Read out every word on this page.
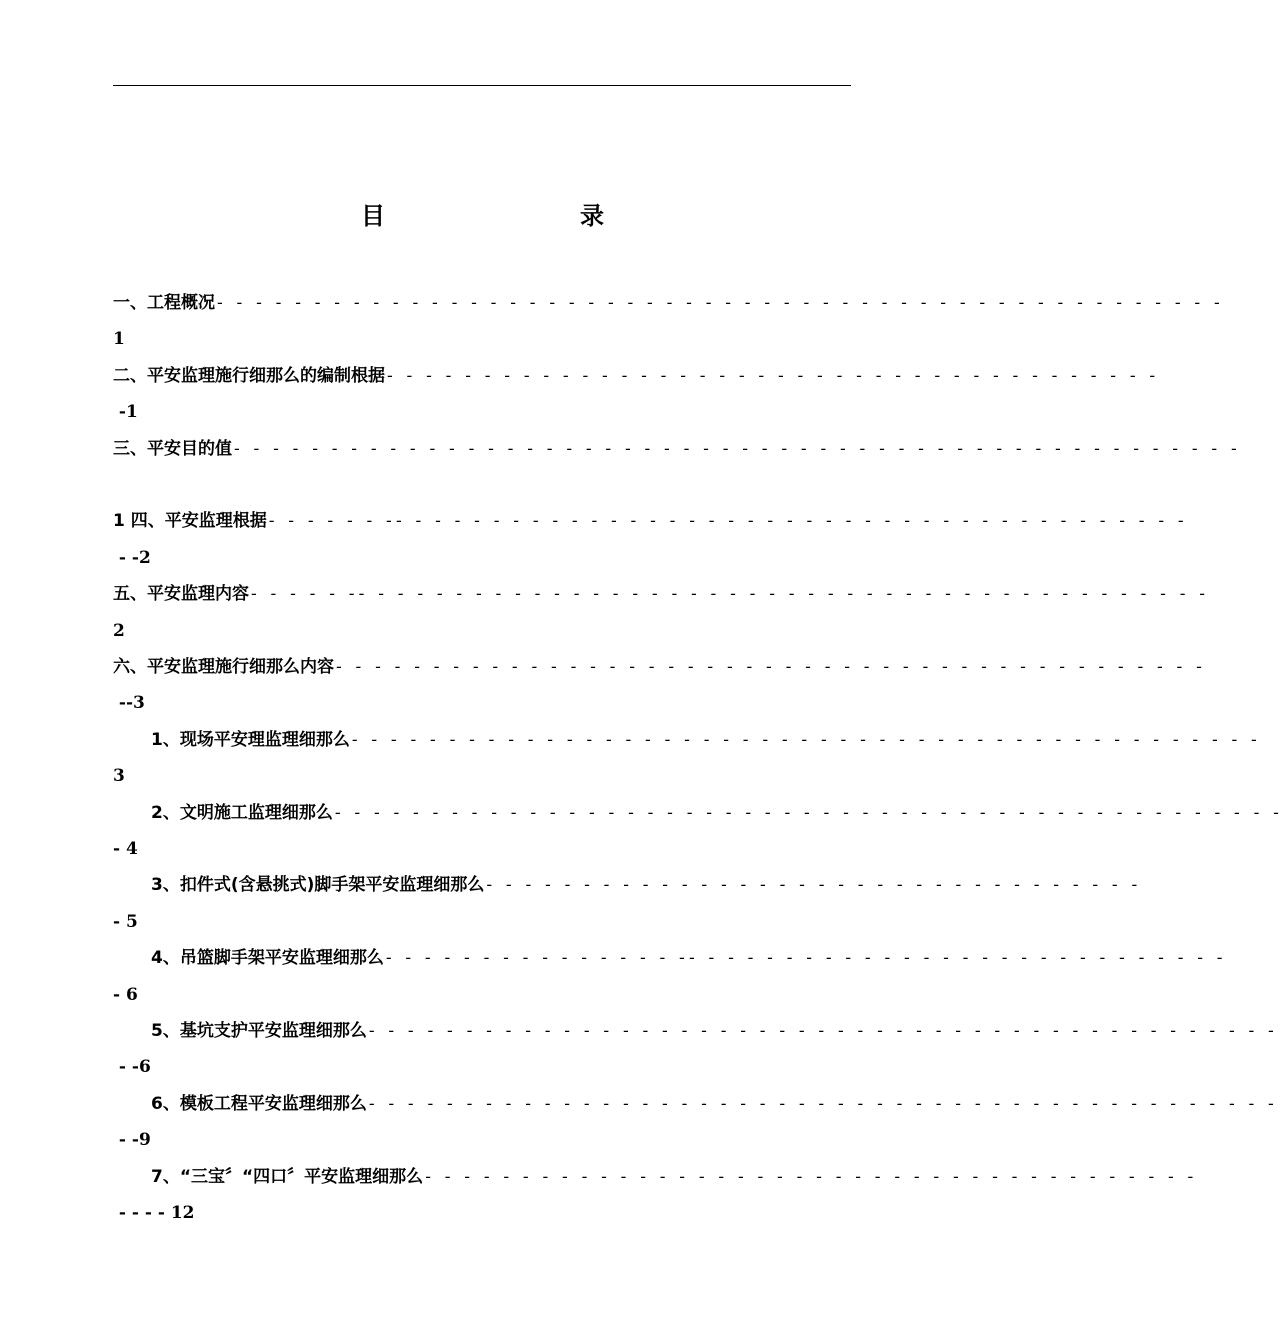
目	录
一、工程概况 - - - - - - - - - - - - - - - - - - - - - - - - - - - - - - - - - - - - - - - - - - - - - - - - - - - -
1
二、平安监理施行细那么的编制根据 - - - - - - - - - - - - - - - - - - - - - - - - - - - - - - - - - - - - - - - -
-1
三、平安目的值 - - - - - - - - - - - - - - - - - - - - - - - - - - - - - - - - - - - - - - - - - - - - - - - - - - - -
1 四、平安监理根据 - - - - - - -- - - - - - - - - - - - - - - - - - - - - - - - - - - - - - - - - - - - - - - - -
- -2
五、平安监理内容 - - - - - -- - - - - - - - - - - - - - - - - - - - - - - - - - - - - - - - - - - - - - - - - - - -
2
六、平安监理施行细那么内容 - - - - - - - - - - - - - - - - - - - - - - - - - - - - - - - - - - - - - - - - - - - - -
--3
1、现场平安理监理细那么 - - - - - - - - - - - - - - - - - - - - - - - - - - - - - - - - - - - - - - - - - - - - - - -
3
2、文明施工监理细那么 - - - - - - - - - - - - - - - - - - - - - - - - - - - - - - - - - - - - - - - - - - - - - - - - -
- 4
3、扣件式(含悬挑式)脚手架平安监理细那么 - - - - - - - - - - - - - - - - - - - - - - - - - - - - - - - - - -
- 5
4、吊篮脚手架平安监理细那么 - - - - - - - - - - - - - - - -- - - - - - - - - - - - - - - - - - - - - - - - - - - -
- 6
5、基坑支护平安监理细那么 - - - - - - - - - - - - - - - - - - - - - - - - - - - - - - - - - - - - - - - - - - - - - - -
- -6
6、模板工程平安监理细那么 - - - - - - - - - - - - - - - - - - - - - - - - - - - - - - - - - - - - - - - - - - - - - - -
- -9
7、“三宝〞“四口〞平安监理细那么 - - - - - - - - - - - - - - - - - - - - - - - - - - - - - - - - - - - - - - - -
- - - - 12
